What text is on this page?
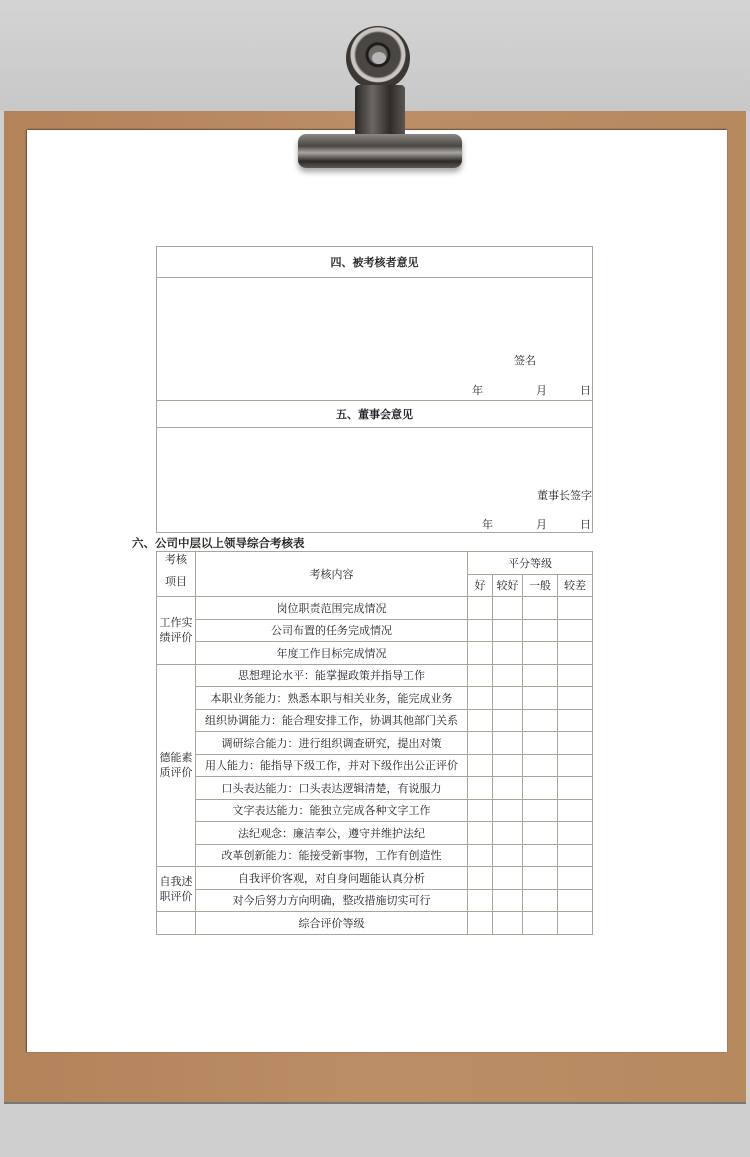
四、被考核者意见

签名
年	月	日

五、董事会意见

董事长签字
年	月	日
六、公司中层以上领导综合考核表
考核
项目	考核内容	平分等级			
		好	较好	一般	较差

工作实
绩评价	岗位职责范围完成情况				
	公司布置的任务完成情况				
	年度工作目标完成情况				

德能素
质评价	思想理论水平：能掌握政策并指导工作				
	本职业务能力：熟悉本职与相关业务，能完成业务				
	组织协调能力：能合理安排工作，协调其他部门关系				
	调研综合能力：进行组织调查研究，提出对策				
	用人能力：能指导下级工作，并对下级作出公正评价				
	口头表达能力：口头表达逻辑清楚，有说服力				
	文字表达能力：能独立完成各种文字工作				
	法纪观念：廉洁奉公，遵守并维护法纪				
	改革创新能力：能接受新事物，工作有创造性				

自我述
职评价	自我评价客观，对自身问题能认真分析				
	对今后努力方向明确，整改措施切实可行				
	综合评价等级				
